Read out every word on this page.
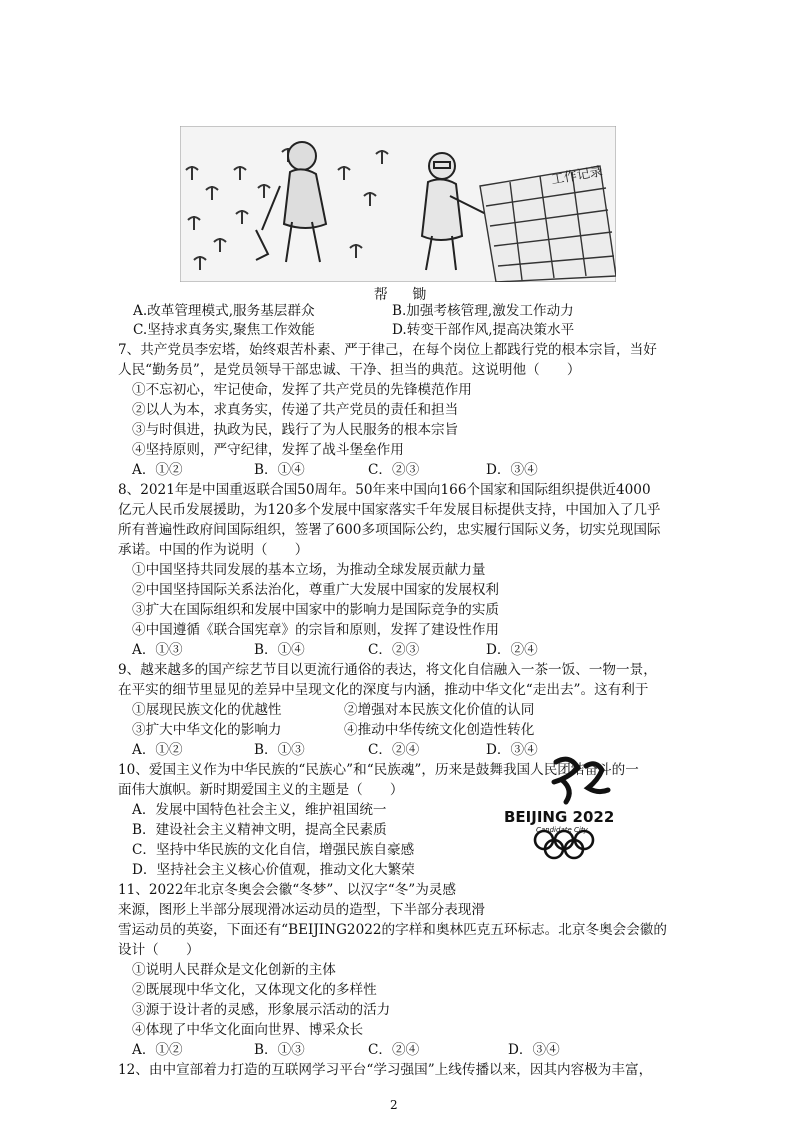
工作记录
帮 锄
A.改革管理模式,服务基层群众	B.加强考核管理,激发工作动力
C.坚持求真务实,聚焦工作效能	D.转变干部作风,提高决策水平
7、共产党员李宏塔，始终艰苦朴素、严于律己，在每个岗位上都践行党的根本宗旨，当好
人民“勤务员”，是党员领导干部忠诚、干净、担当的典范。这说明他（　　）
①不忘初心，牢记使命，发挥了共产党员的先锋模范作用
②以人为本，求真务实，传递了共产党员的责任和担当
③与时俱进，执政为民，践行了为人民服务的根本宗旨
④坚持原则，严守纪律，发挥了战斗堡垒作用
A．①②	B．①④	C．②③	D．③④
8、2021年是中国重返联合国50周年。50年来中国向166个国家和国际组织提供近4000
亿元人民币发展援助，为120多个发展中国家落实千年发展目标提供支持，中国加入了几乎
所有普遍性政府间国际组织，签署了600多项国际公约，忠实履行国际义务，切实兑现国际
承诺。中国的作为说明（　　）
①中国坚持共同发展的基本立场，为推动全球发展贡献力量
②中国坚持国际关系法治化，尊重广大发展中国家的发展权利
③扩大在国际组织和发展中国家中的影响力是国际竞争的实质
④中国遵循《联合国宪章》的宗旨和原则，发挥了建设性作用
A．①③	B．①④	C．②③	D．②④
9、越来越多的国产综艺节目以更流行通俗的表达，将文化自信融入一茶一饭、一物一景，
在平实的细节里显见的差异中呈现文化的深度与内涵，推动中华文化“走出去”。这有利于
①展现民族文化的优越性	②增强对本民族文化价值的认同
③扩大中华文化的影响力	④推动中华传统文化创造性转化
A．①②	B．①③	C．②④	D．③④
10、爱国主义作为中华民族的“民族心”和“民族魂”，历来是鼓舞我国人民团结奋斗的一
面伟大旗帜。新时期爱国主义的主题是（　　）
A．发展中国特色社会主义，维护祖国统一
B．建设社会主义精神文明，提高全民素质
C．坚持中华民族的文化自信，增强民族自豪感
D．坚持社会主义核心价值观，推动文化大繁荣
BEIJING 2022
Candidate City
11、2022年北京冬奥会会徽“冬梦”、以汉字“冬”为灵感
来源，图形上半部分展现滑冰运动员的造型，下半部分表现滑
雪运动员的英姿，下面还有“BEIJING2022的字样和奥林匹克五环标志。北京冬奥会会徽的
设计（　　）
①说明人民群众是文化创新的主体
②既展现中华文化，又体现文化的多样性
③源于设计者的灵感，形象展示活动的活力
④体现了中华文化面向世界、博采众长
A．①②	B．①③	C．②④	D．③④
12、由中宣部着力打造的互联网学习平台“学习强国”上线传播以来，因其内容极为丰富，
2
